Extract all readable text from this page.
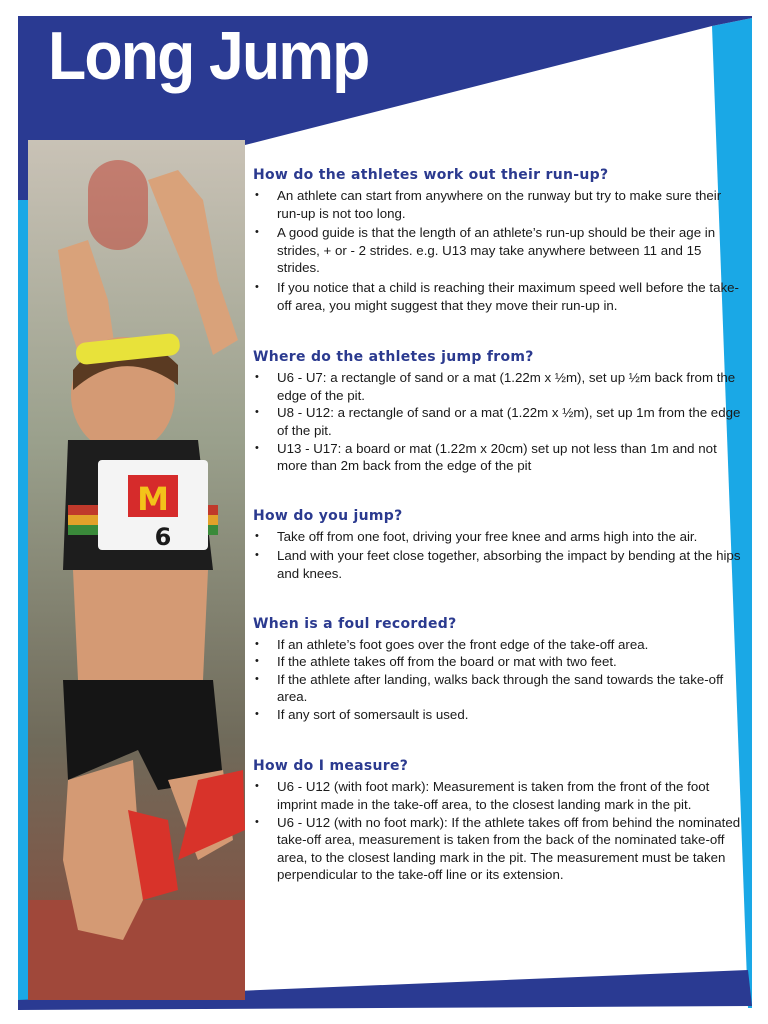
Long Jump
M
6
How do the athletes work out their run-up?
• An athlete can start from anywhere on the runway but try to make sure their run-up is not too long.
• A good guide is that the length of an athlete’s run-up should be their age in strides, + or - 2 strides. e.g. U13 may take anywhere between 11 and 15 strides.
• If you notice that a child is reaching their maximum speed well before the take-off area, you might suggest that they move their run-up in.
Where do the athletes jump from?
• U6 - U7: a rectangle of sand or a mat (1.22m x ½m), set up ½m back from the edge of the pit.
• U8 - U12: a rectangle of sand or a mat (1.22m x ½m), set up 1m from the edge of the pit.
• U13 - U17: a board or mat (1.22m x 20cm) set up not less than 1m and not more than 2m back from the edge of the pit
How do you jump?
• Take off from one foot, driving your free knee and arms high into the air.
• Land with your feet close together, absorbing the impact by bending at the hips and knees.
When is a foul recorded?
• If an athlete’s foot goes over the front edge of the take-off area.
• If the athlete takes off from the board or mat with two feet.
• If the athlete after landing, walks back through the sand towards the take-off area.
• If any sort of somersault is used.
How do I measure?
• U6 - U12 (with foot mark): Measurement is taken from the front of the foot imprint made in the take-off area, to the closest landing mark in the pit.
• U6 - U12 (with no foot mark): If the athlete takes off from behind the nominated take-off area, measurement is taken from the back of the nominated take-off area, to the closest landing mark in the pit. The measurement must be taken perpendicular to the take-off line or its extension.
